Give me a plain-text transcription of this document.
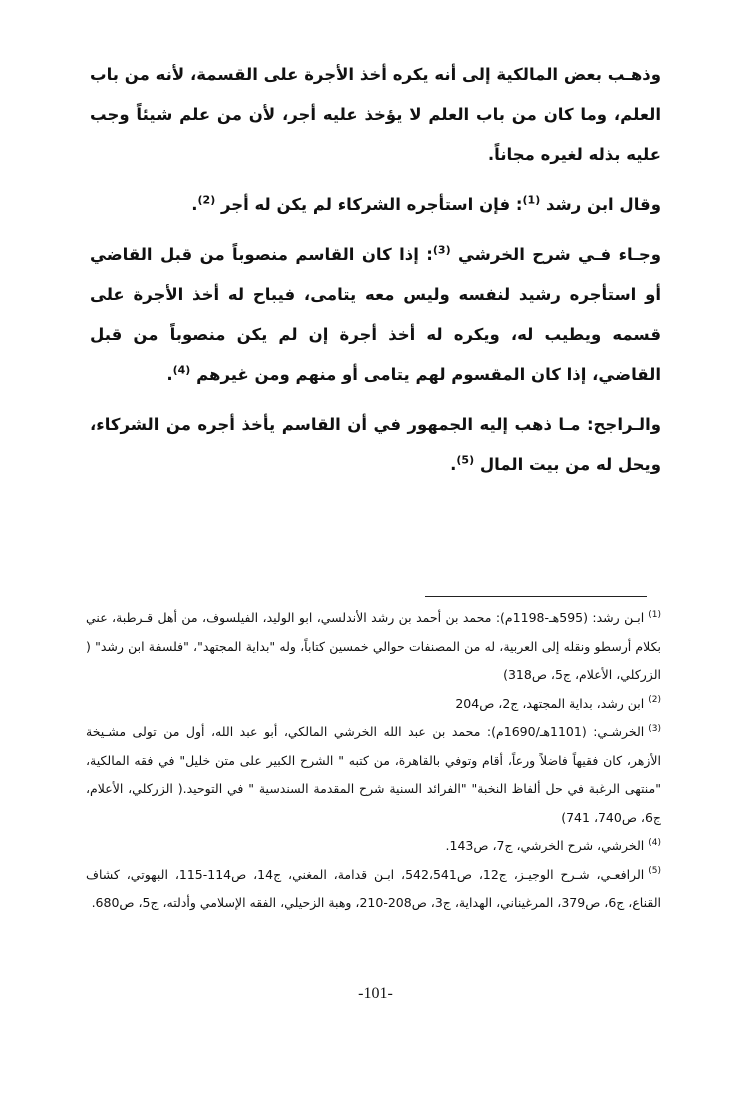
وذهـب بعض المالكية إلى أنه يكره أخذ الأجرة على القسمة، لأنه من باب العلم، وما كان من باب العلم لا يؤخذ عليه أجر، لأن من علم شيئاً وجب عليه بذله لغيره مجاناً.

وقال ابن رشد $^{(1)}$: فإن استأجره الشركاء لم يكن له أجر $^{(2)}$.

وجـاء فـي شرح الخرشي $^{(3)}$: إذا كان القاسم منصوباً من قبل القاضي أو استأجره رشيد لنفسه وليس معه يتامى، فيباح له أخذ الأجرة على قسمه ويطيب له، ويكره له أخذ أجرة إن لم يكن منصوباً من قبل القاضي، إذا كان المقسوم لهم يتامى أو منهم ومن غيرهم $^{(4)}$.

والـراجح: مـا ذهب إليه الجمهور في أن القاسم يأخذ أجره من الشركاء، ويحل له من بيت المال $^{(5)}$.

$^{(1)}$ابـن رشد: (595هـ-1198م): محمد بن أحمد بن رشد الأندلسي، ابو الوليد، الفيلسوف، من أهل قـرطبة، عني بكلام أرسطو ونقله إلى العربية، له من المصنفات حوالي خمسين كتاباً، وله "بداية المجتهد"، "فلسفة ابن رشد" ( الزركلي، الأعلام، ج5، ص318)

$^{(2)}$ابن رشد، بداية المجتهد، ج2، ص204

$^{(3)}$الخرشـي: (1101هـ/1690م): محمد بن عبد الله الخرشي المالكي، أبو عبد الله، أول من تولى مشـيخة الأزهر، كان فقيهاً فاضلاً ورعاً، أقام وتوفي بالقاهرة، من كتبه " الشرح الكبير على متن خليل" في فقه المالكية، "منتهى الرغبة في حل ألفاظ النخبة" "الفرائد السنية شرح المقدمة السندسية " في التوحيد.( الزركلي، الأعلام، ج6، ص740، 741)

$^{(4)}$الخرشي، شرح الخرشي، ج7، ص143.

$^{(5)}$الرافعـي، شـرح الوجيـز، ج12، ص542،541، ابـن قدامة، المغني، ج14، ص114-115، البهوتي، كشاف القناع، ج6، ص379، المرغيناني، الهداية، ج3، ص208-210، وهبة الزحيلي، الفقه الإسلامي وأدلته، ج5، ص680.

-101-
